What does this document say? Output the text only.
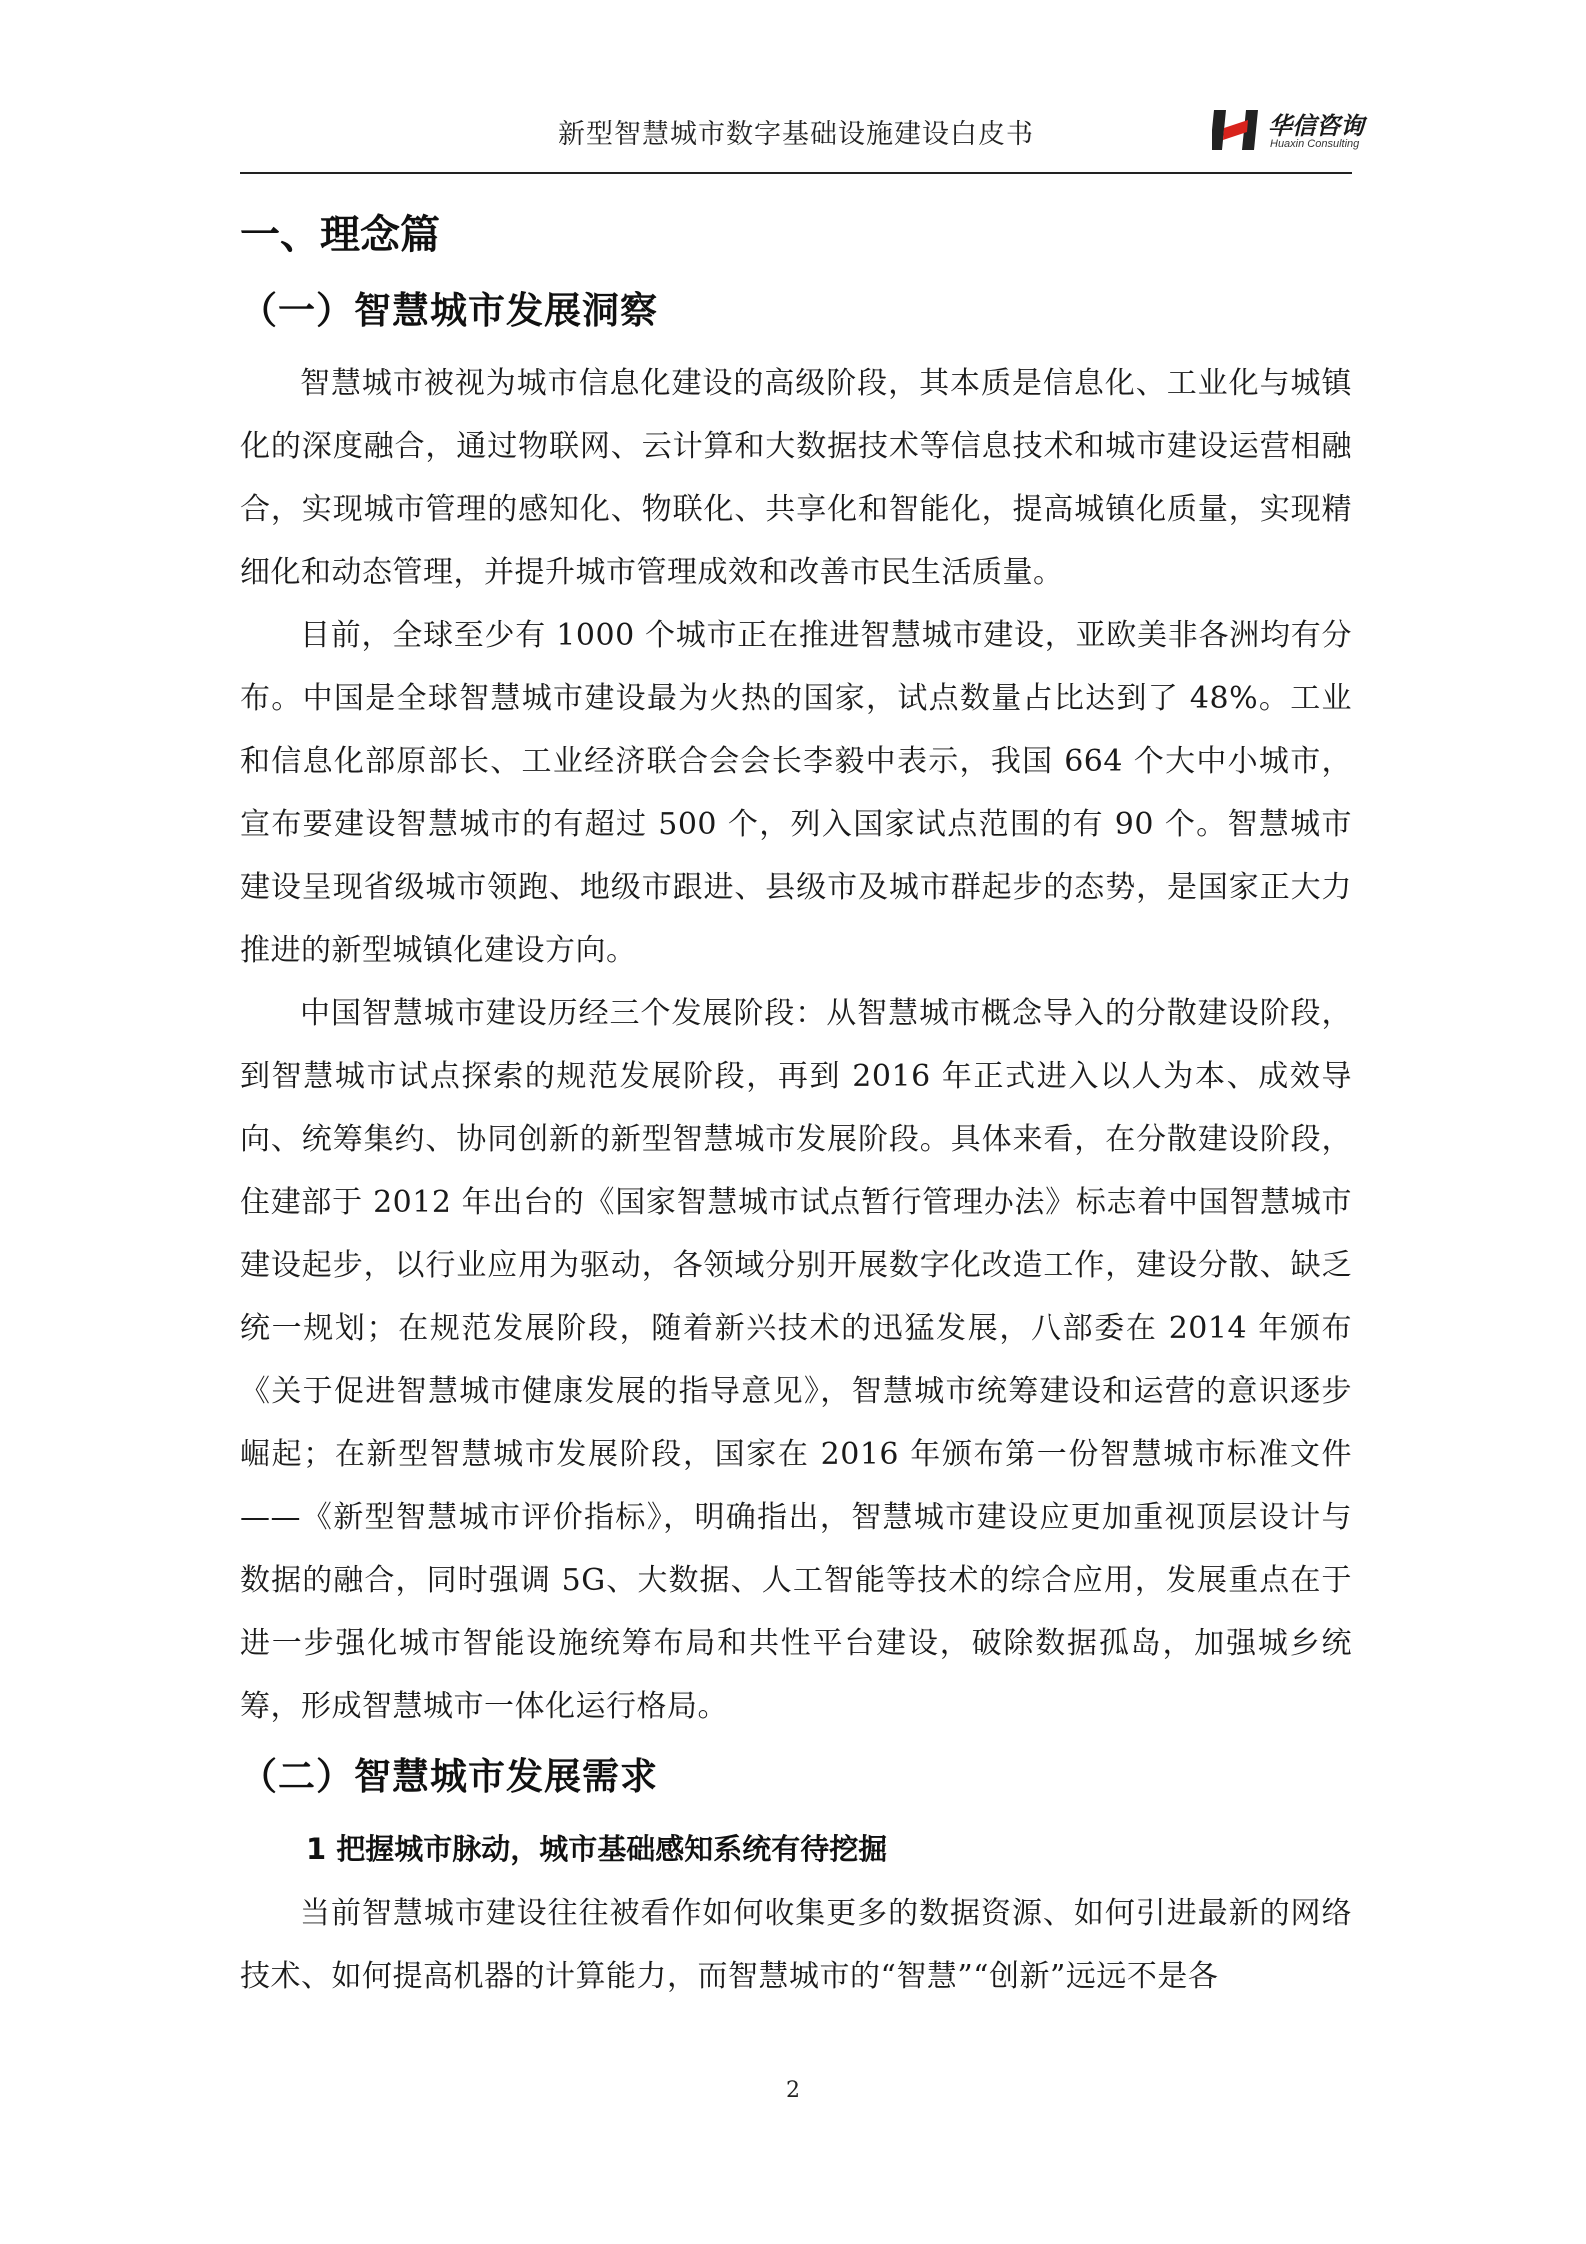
新型智慧城市数字基础设施建设白皮书	华信咨询
Huaxin Consulting
一、理念篇
（一）智慧城市发展洞察

智慧城市被视为城市信息化建设的高级阶段，其本质是信息化、工业化与城镇化的深度融合，通过物联网、云计算和大数据技术等信息技术和城市建设运营相融合，实现城市管理的感知化、物联化、共享化和智能化，提高城镇化质量，实现精细化和动态管理，并提升城市管理成效和改善市民生活质量。

目前，全球至少有 1000 个城市正在推进智慧城市建设，亚欧美非各洲均有分布。中国是全球智慧城市建设最为火热的国家，试点数量占比达到了 48%。工业和信息化部原部长、工业经济联合会会长李毅中表示，我国 664 个大中小城市，宣布要建设智慧城市的有超过 500 个，列入国家试点范围的有 90 个。智慧城市建设呈现省级城市领跑、地级市跟进、县级市及城市群起步的态势，是国家正大力推进的新型城镇化建设方向。

中国智慧城市建设历经三个发展阶段：从智慧城市概念导入的分散建设阶段，到智慧城市试点探索的规范发展阶段，再到 2016 年正式进入以人为本、成效导向、统筹集约、协同创新的新型智慧城市发展阶段。具体来看，在分散建设阶段，住建部于 2012 年出台的《国家智慧城市试点暂行管理办法》标志着中国智慧城市建设起步，以行业应用为驱动，各领域分别开展数字化改造工作，建设分散、缺乏统一规划；在规范发展阶段，随着新兴技术的迅猛发展，八部委在 2014 年颁布《关于促进智慧城市健康发展的指导意见》，智慧城市统筹建设和运营的意识逐步崛起；在新型智慧城市发展阶段，国家在 2016 年颁布第一份智慧城市标准文件——《新型智慧城市评价指标》，明确指出，智慧城市建设应更加重视顶层设计与数据的融合，同时强调 5G、大数据、人工智能等技术的综合应用，发展重点在于进一步强化城市智能设施统筹布局和共性平台建设，破除数据孤岛，加强城乡统筹，形成智慧城市一体化运行格局。

（二）智慧城市发展需求
1 把握城市脉动，城市基础感知系统有待挖掘

当前智慧城市建设往往被看作如何收集更多的数据资源、如何引进最新的网络技术、如何提高机器的计算能力，而智慧城市的“智慧”“创新”远远不是各

2
